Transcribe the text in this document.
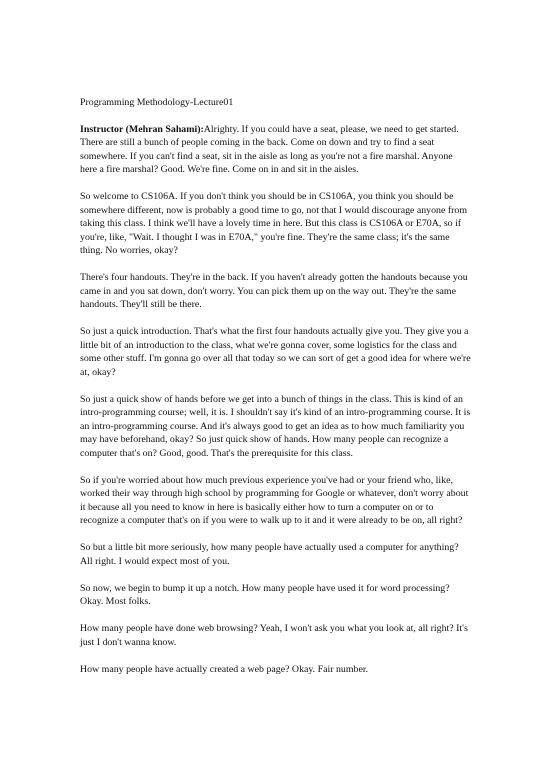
Programming Methodology-Lecture01

Instructor (Mehran Sahami):Alrighty. If you could have a seat, please, we need to get started. There are still a bunch of people coming in the back. Come on down and try to find a seat somewhere. If you can't find a seat, sit in the aisle as long as you're not a fire marshal. Anyone here a fire marshal? Good. We're fine. Come on in and sit in the aisles.

So welcome to CS106A. If you don't think you should be in CS106A, you think you should be somewhere different, now is probably a good time to go, not that I would discourage anyone from taking this class. I think we'll have a lovely time in here. But this class is CS106A or E70A, so if you're, like, "Wait. I thought I was in E70A," you're fine. They're the same class; it's the same thing. No worries, okay?

There's four handouts. They're in the back. If you haven't already gotten the handouts because you came in and you sat down, don't worry. You can pick them up on the way out. They're the same handouts. They'll still be there.

So just a quick introduction. That's what the first four handouts actually give you. They give you a little bit of an introduction to the class, what we're gonna cover, some logistics for the class and some other stuff. I'm gonna go over all that today so we can sort of get a good idea for where we're at, okay?

So just a quick show of hands before we get into a bunch of things in the class. This is kind of an intro-programming course; well, it is. I shouldn't say it's kind of an intro-programming course. It is an intro-programming course. And it's always good to get an idea as to how much familiarity you may have beforehand, okay? So just quick show of hands. How many people can recognize a computer that's on? Good, good. That's the prerequisite for this class.

So if you're worried about how much previous experience you've had or your friend who, like, worked their way through high school by programming for Google or whatever, don't worry about it because all you need to know in here is basically either how to turn a computer on or to recognize a computer that's on if you were to walk up to it and it were already to be on, all right?

So but a little bit more seriously, how many people have actually used a computer for anything? All right. I would expect most of you.

So now, we begin to bump it up a notch. How many people have used it for word processing? Okay. Most folks.

How many people have done web browsing? Yeah, I won't ask you what you look at, all right? It's just I don't wanna know.

How many people have actually created a web page? Okay. Fair number.
